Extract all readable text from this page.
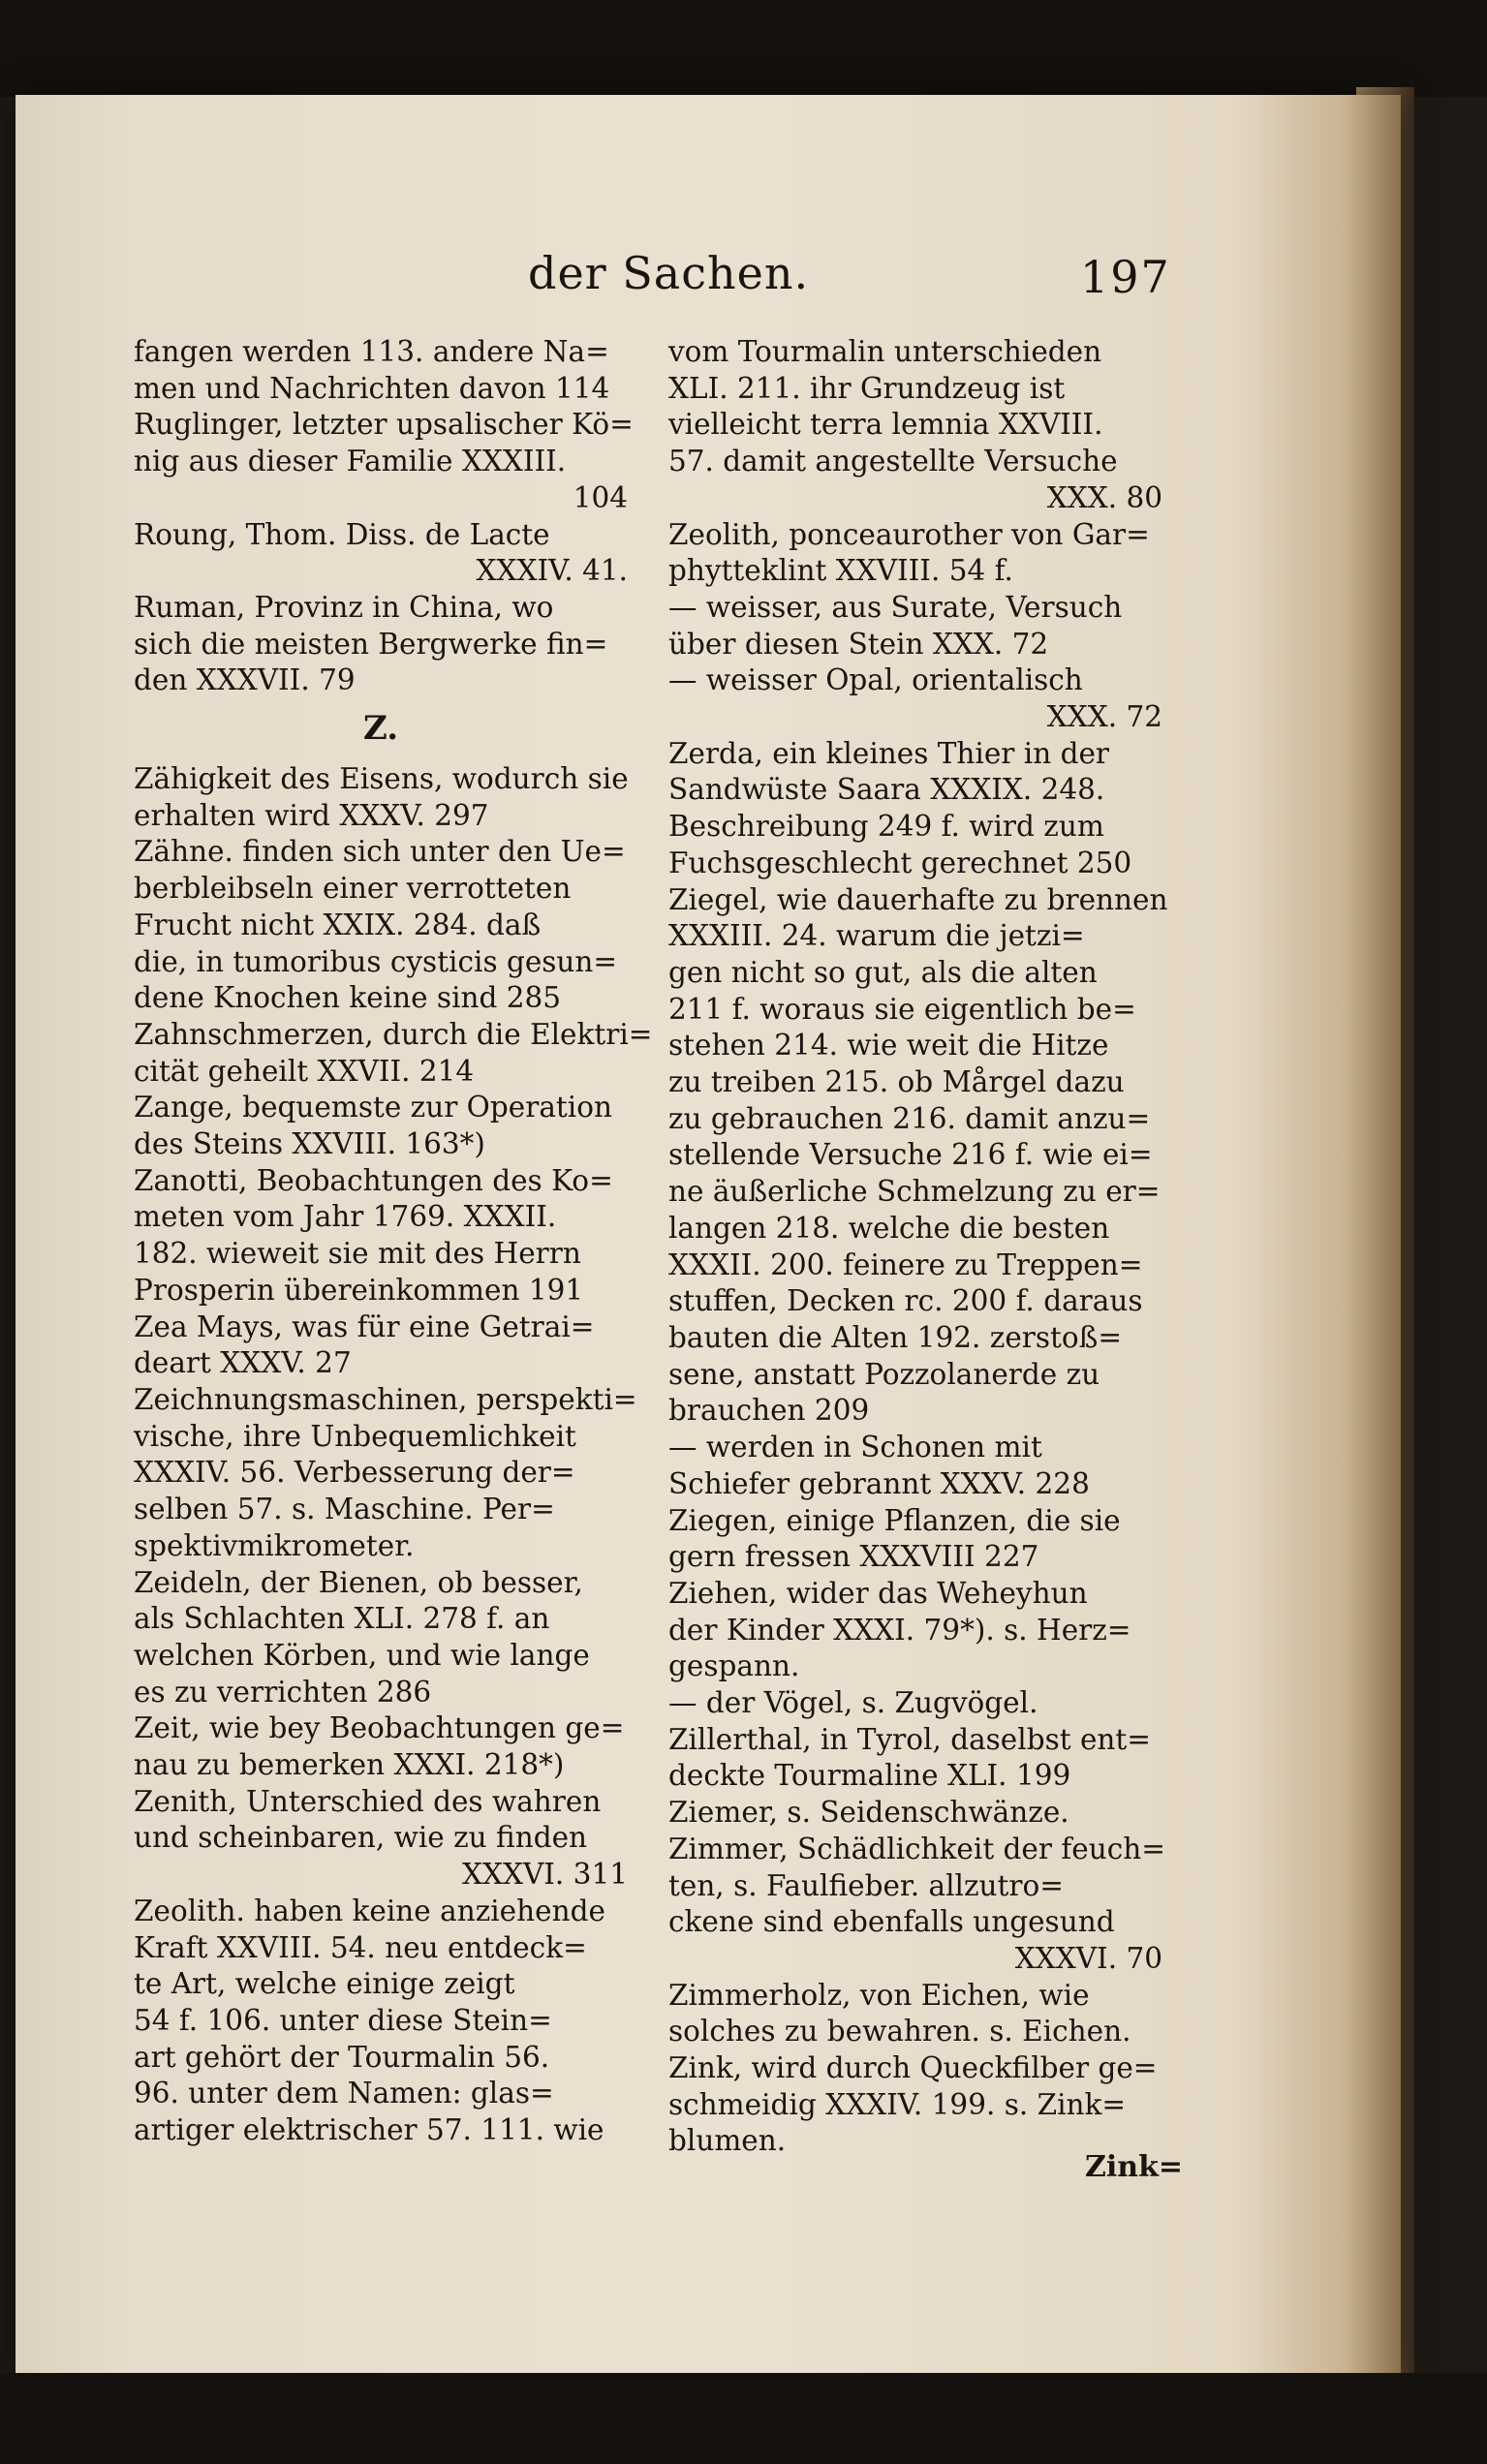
der Sachen.	197
fangen werden 113. andere Na=
men und Nachrichten davon 114
Ruglinger, letzter upsalischer Kö=
nig aus dieser Familie XXXIII.
104
Roung, Thom. Diss. de Lacte
XXXIV. 41.
Ruman, Provinz in China, wo
sich die meisten Bergwerke fin=
den XXXVII. 79
Z.
Zähigkeit des Eisens, wodurch sie
erhalten wird XXXV. 297
Zähne. finden sich unter den Ue=
berbleibseln einer verrotteten
Frucht nicht XXIX. 284. daß
die, in tumoribus cysticis gesun=
dene Knochen keine sind 285
Zahnschmerzen, durch die Elektri=
cität geheilt XXVII. 214
Zange, bequemste zur Operation
des Steins XXVIII. 163*)
Zanotti, Beobachtungen des Ko=
meten vom Jahr 1769. XXXII.
182. wieweit sie mit des Herrn
Prosperin übereinkommen 191
Zea Mays, was für eine Getrai=
deart XXXV. 27
Zeichnungsmaschinen, perspekti=
vische, ihre Unbequemlichkeit
XXXIV. 56. Verbesserung der=
selben 57. s. Maschine. Per=
spektivmikrometer.
Zeideln, der Bienen, ob besser,
als Schlachten XLI. 278 f. an
welchen Körben, und wie lange
es zu verrichten 286
Zeit, wie bey Beobachtungen ge=
nau zu bemerken XXXI. 218*)
Zenith, Unterschied des wahren
und scheinbaren, wie zu finden
XXXVI. 311
Zeolith. haben keine anziehende
Kraft XXVIII. 54. neu entdeck=
te Art, welche einige zeigt
54 f. 106. unter diese Stein=
art gehört der Tourmalin 56.
96. unter dem Namen: glas=
artiger elektrischer 57. 111. wie
vom Tourmalin unterschieden
XLI. 211. ihr Grundzeug ist
vielleicht terra lemnia XXVIII.
57. damit angestellte Versuche
XXX. 80
Zeolith, ponceaurother von Gar=
phytteklint XXVIII. 54 f.
— weisser, aus Surate, Versuch
über diesen Stein XXX. 72
— weisser Opal, orientalisch
XXX. 72
Zerda, ein kleines Thier in der
Sandwüste Saara XXXIX. 248.
Beschreibung 249 f. wird zum
Fuchsgeschlecht gerechnet 250
Ziegel, wie dauerhafte zu brennen
XXXIII. 24. warum die jetzi=
gen nicht so gut, als die alten
211 f. woraus sie eigentlich be=
stehen 214. wie weit die Hitze
zu treiben 215. ob Mårgel dazu
zu gebrauchen 216. damit anzu=
stellende Versuche 216 f. wie ei=
ne äußerliche Schmelzung zu er=
langen 218. welche die besten
XXXII. 200. feinere zu Treppen=
stuffen, Decken rc. 200 f. daraus
bauten die Alten 192. zerstoß=
sene, anstatt Pozzolanerde zu
brauchen 209
— werden in Schonen mit
Schiefer gebrannt XXXV. 228
Ziegen, einige Pflanzen, die sie
gern fressen XXXVIII 227
Ziehen, wider das Weheyhun
der Kinder XXXI. 79*). s. Herz=
gespann.
— der Vögel, s. Zugvögel.
Zillerthal, in Tyrol, daselbst ent=
deckte Tourmaline XLI. 199
Ziemer, s. Seidenschwänze.
Zimmer, Schädlichkeit der feuch=
ten, s. Faulfieber. allzutro=
ckene sind ebenfalls ungesund
XXXVI. 70
Zimmerholz, von Eichen, wie
solches zu bewahren. s. Eichen.
Zink, wird durch Queckfilber ge=
schmeidig XXXIV. 199. s. Zink=
blumen.
Zink=
